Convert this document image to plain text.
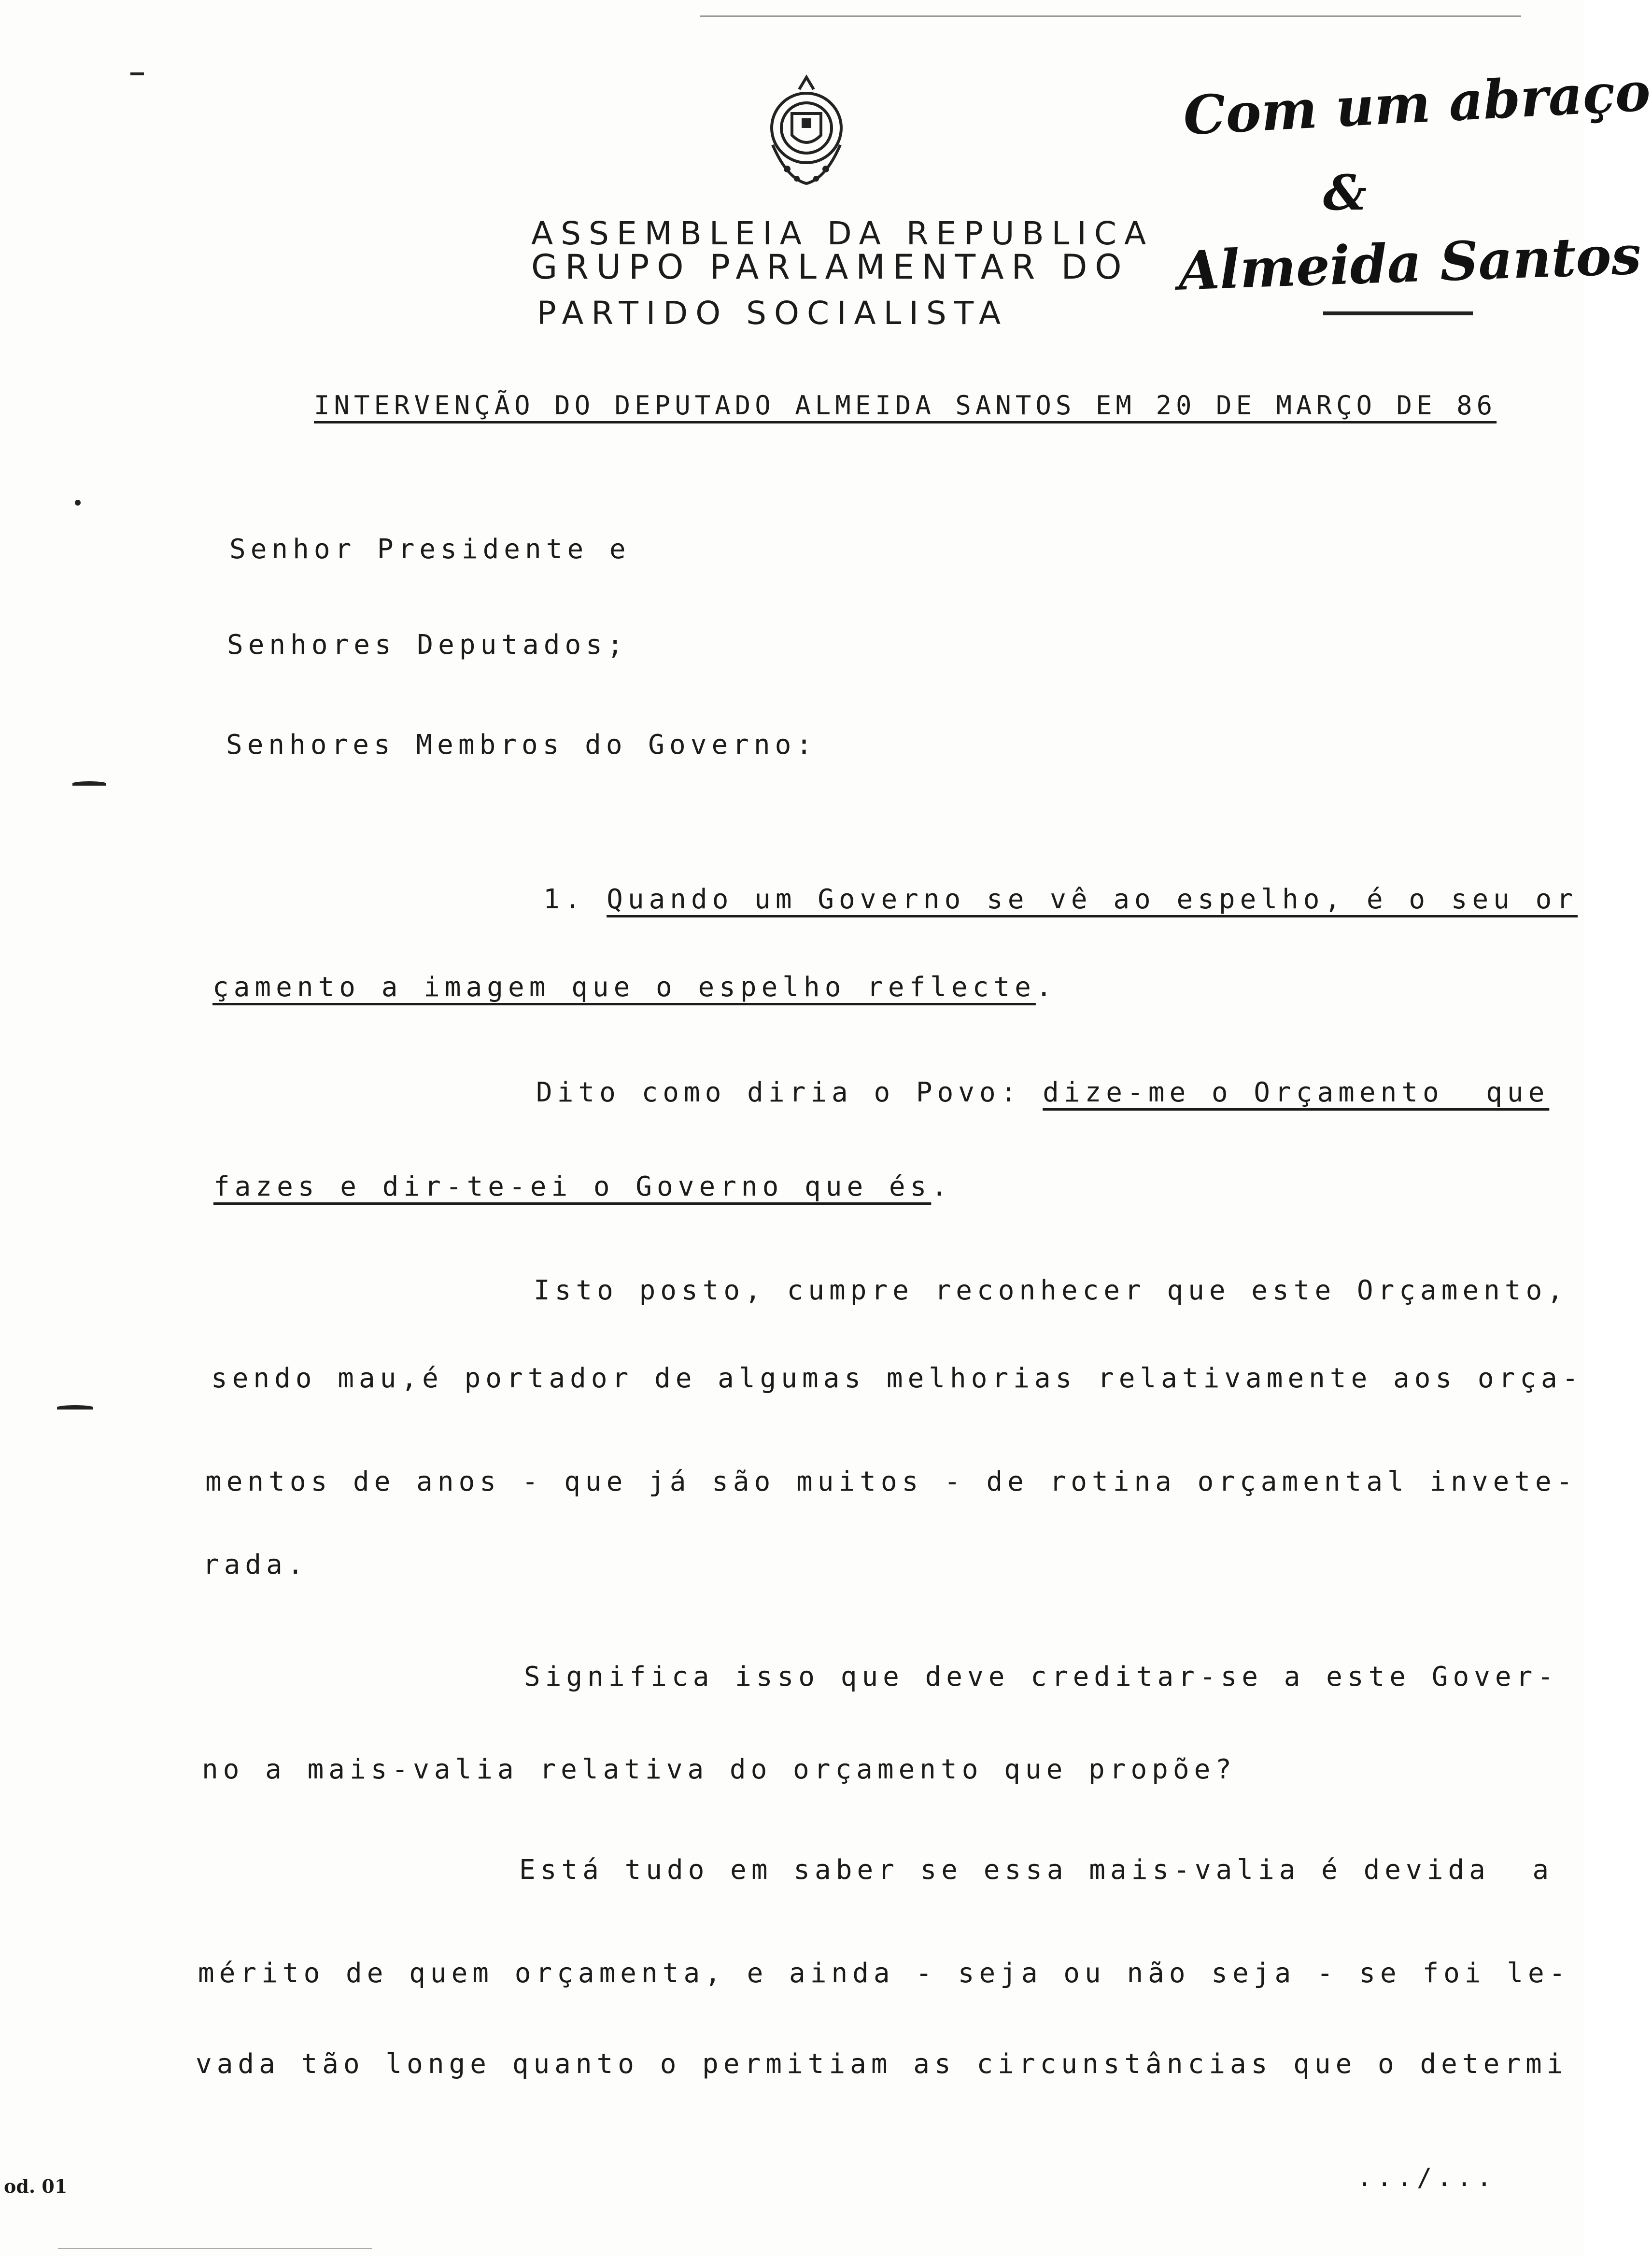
ASSEMBLEIA DA REPUBLICA
GRUPO PARLAMENTAR DO
PARTIDO SOCIALISTA
Com um abraço
&
Almeida Santos
INTERVENÇÃO DO DEPUTADO ALMEIDA SANTOS EM 20 DE MARÇO DE 86
Senhor Presidente e
Senhores Deputados;
Senhores Membros do Governo:
1. Quando um Governo se vê ao espelho, é o seu or
çamento a imagem que o espelho reflecte.
Dito como diria o Povo: dize-me o Orçamento  que
fazes e dir-te-ei o Governo que és.
Isto posto, cumpre reconhecer que este Orçamento,
sendo mau,é portador de algumas melhorias relativamente aos orça-
mentos de anos - que já são muitos - de rotina orçamental invete-
rada.
Significa isso que deve creditar-se a este Gover-
no a mais-valia relativa do orçamento que propõe?
Está tudo em saber se essa mais-valia é devida  a
mérito de quem orçamenta, e ainda - seja ou não seja - se foi le-
vada tão longe quanto o permitiam as circunstâncias que o determi
od. 01	.../...
